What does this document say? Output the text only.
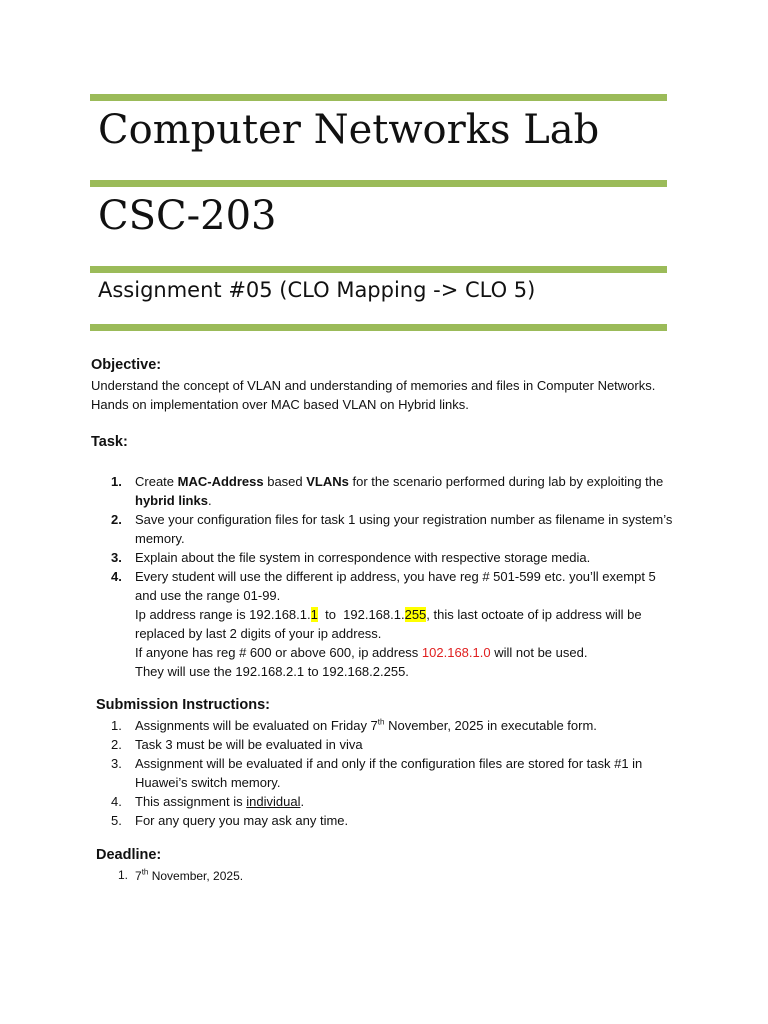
Computer Networks Lab
CSC-203
Assignment #05 (CLO Mapping -> CLO 5)
Objective:

Understand the concept of VLAN and understanding of memories and files in Computer Networks. Hands on implementation over MAC based VLAN on Hybrid links.

Task:
1. Create MAC-Address based VLANs for the scenario performed during lab by exploiting the hybrid links.
2. Save your configuration files for task 1 using your registration number as filename in system’s memory.
3. Explain about the file system in correspondence with respective storage media.
4. Every student will use the different ip address, you have reg # 501-599 etc. you’ll exempt 5 and use the range 01-99.
Ip address range is 192.168.1.1  to  192.168.1.255, this last octoate of ip address will be replaced by last 2 digits of your ip address.
If anyone has reg # 600 or above 600, ip address 102.168.1.0 will not be used.
They will use the 192.168.2.1 to 192.168.2.255.
Submission Instructions:
1. Assignments will be evaluated on Friday 7th November, 2025 in executable form.
2. Task 3 must be will be evaluated in viva
3. Assignment will be evaluated if and only if the configuration files are stored for task #1 in Huawei’s switch memory.
4. This assignment is individual.
5. For any query you may ask any time.
Deadline:
1. 7th November, 2025.
